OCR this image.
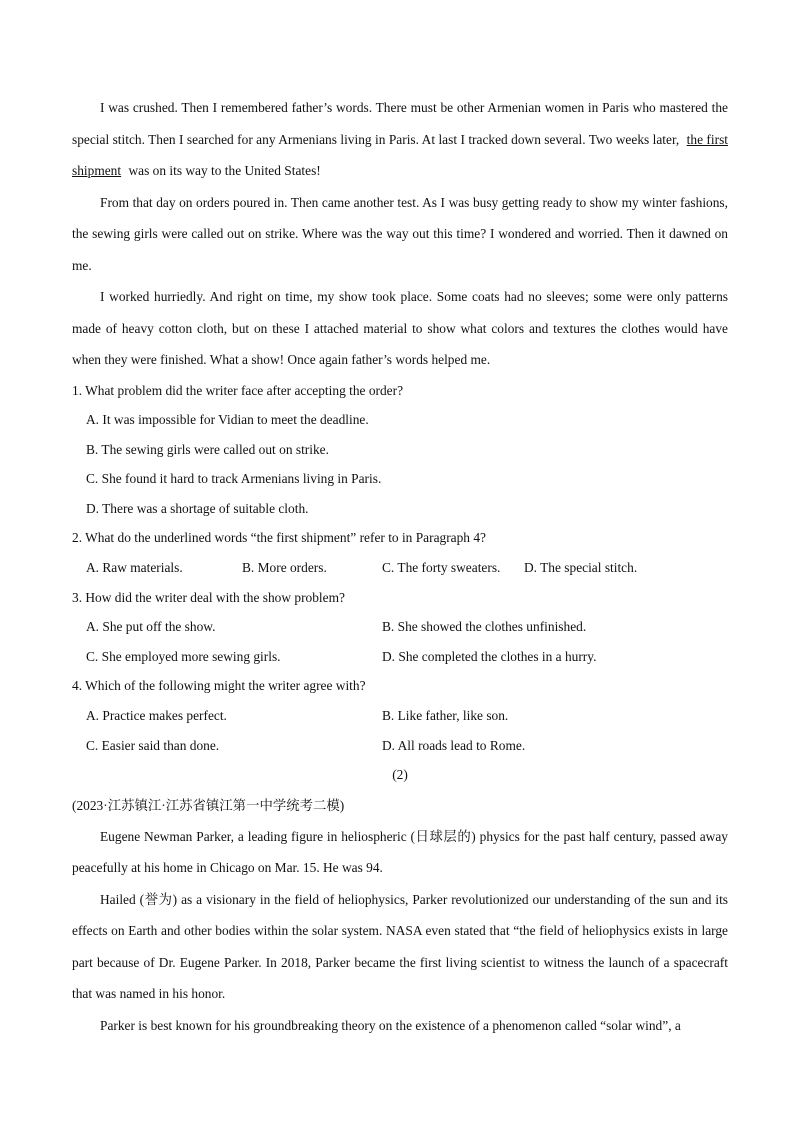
I was crushed. Then I remembered father’s words. There must be other Armenian women in Paris who mastered the special stitch. Then I searched for any Armenians living in Paris. At last I tracked down several. Two weeks later, the first shipment was on its way to the United States!

From that day on orders poured in. Then came another test. As I was busy getting ready to show my winter fashions, the sewing girls were called out on strike. Where was the way out this time? I wondered and worried. Then it dawned on me.

I worked hurriedly. And right on time, my show took place. Some coats had no sleeves; some were only patterns made of heavy cotton cloth, but on these I attached material to show what colors and textures the clothes would have when they were finished. What a show! Once again father’s words helped me.

1. What problem did the writer face after accepting the order?

A. It was impossible for Vidian to meet the deadline.

B. The sewing girls were called out on strike.

C. She found it hard to track Armenians living in Paris.

D. There was a shortage of suitable cloth.

2. What do the underlined words “the first shipment” refer to in Paragraph 4?

A. Raw materials.	B. More orders.	C. The forty sweaters. D. The special stitch.

3. How did the writer deal with the show problem?

A. She put off the show.	B. She showed the clothes unfinished.

C. She employed more sewing girls.	D. She completed the clothes in a hurry.

4. Which of the following might the writer agree with?

A. Practice makes perfect.	B. Like father, like son.

C. Easier said than done.	D. All roads lead to Rome.

(2)

(2023·江苏镇江·江苏省镇江第一中学统考二模)

Eugene Newman Parker, a leading figure in heliospheric (日球层的) physics for the past half century, passed away peacefully at his home in Chicago on Mar. 15. He was 94.

Hailed (誉为) as a visionary in the field of heliophysics, Parker revolutionized our understanding of the sun and its effects on Earth and other bodies within the solar system. NASA even stated that “the field of heliophysics exists in large part because of Dr. Eugene Parker. In 2018, Parker became the first living scientist to witness the launch of a spacecraft that was named in his honor.

Parker is best known for his groundbreaking theory on the existence of a phenomenon called “solar wind”, a
